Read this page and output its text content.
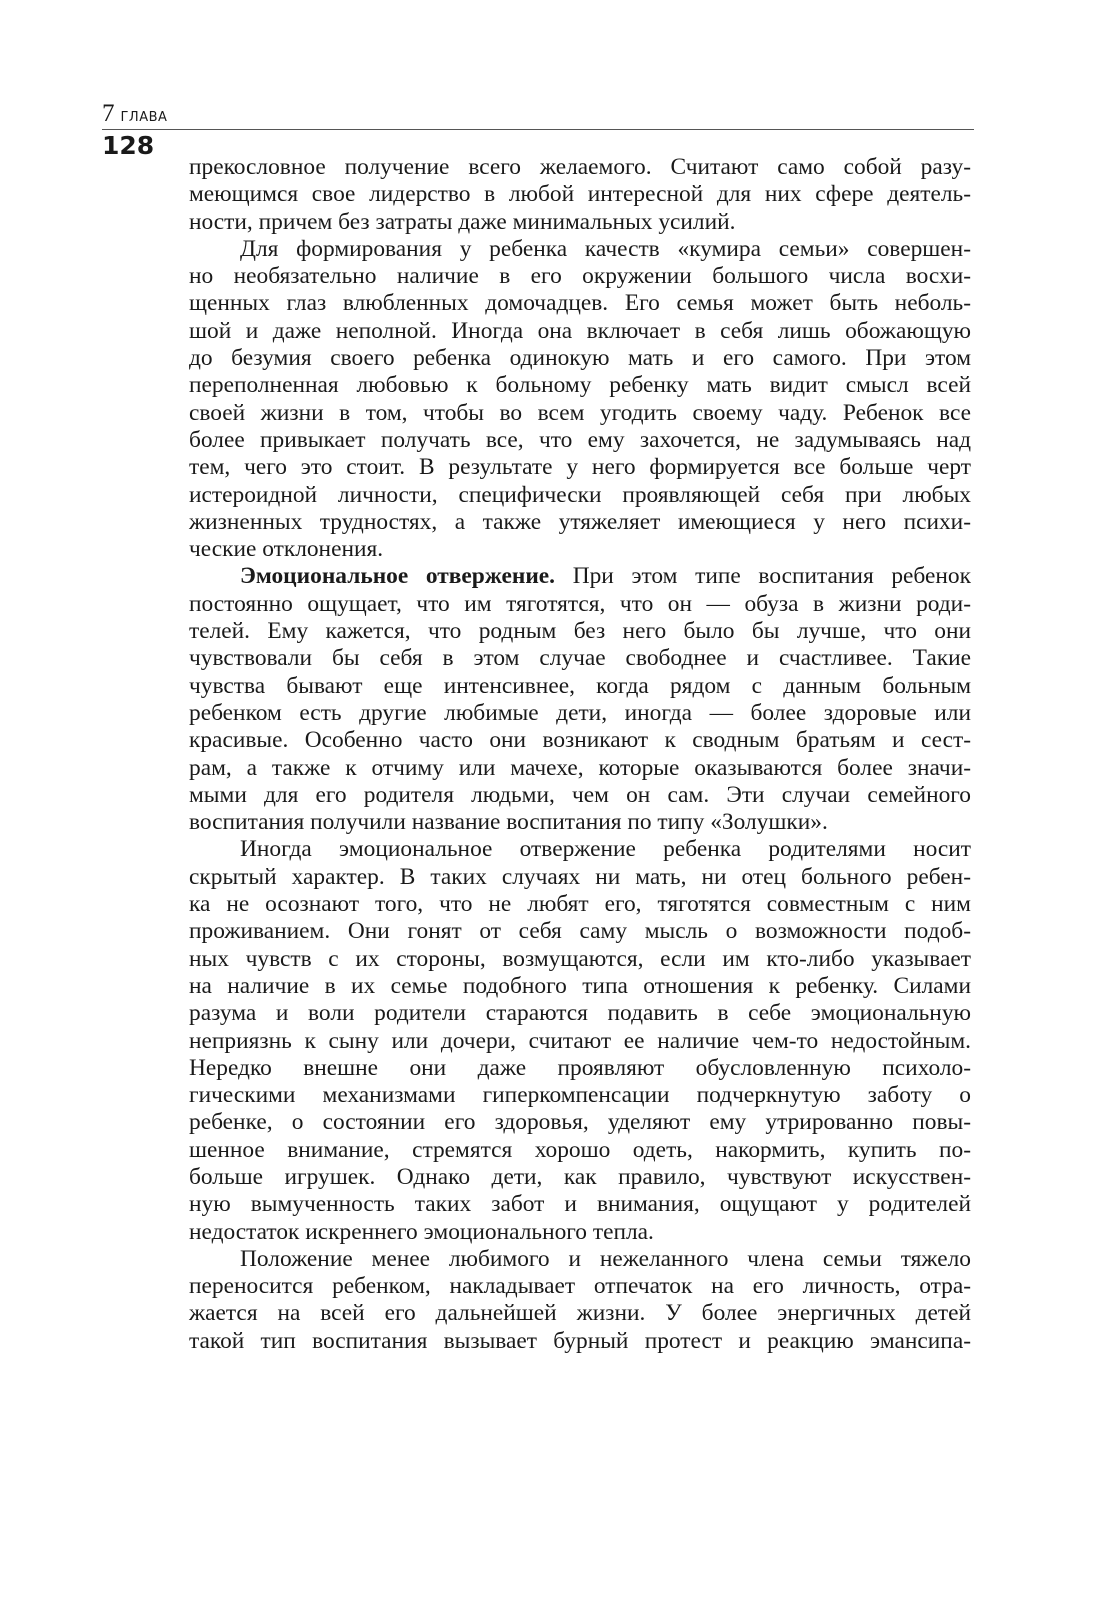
7 ГЛАВА
128

прекословное получение всего желаемого. Считают само собой разу-
меющимся свое лидерство в любой интересной для них сфере деятель-
ности, причем без затраты даже минимальных усилий.

Для формирования у ребенка качеств «кумира семьи» совершен-
но необязательно наличие в его окружении большого числа восхи-
щенных глаз влюбленных домочадцев. Его семья может быть неболь-
шой и даже неполной. Иногда она включает в себя лишь обожающую
до безумия своего ребенка одинокую мать и его самого. При этом
переполненная любовью к больному ребенку мать видит смысл всей
своей жизни в том, чтобы во всем угодить своему чаду. Ребенок все
более привыкает получать все, что ему захочется, не задумываясь над
тем, чего это стоит. В результате у него формируется все больше черт
истероидной личности, специфически проявляющей себя при любых
жизненных трудностях, а также утяжеляет имеющиеся у него психи-
ческие отклонения.

Эмоциональное отвержение. При этом типе воспитания ребенок
постоянно ощущает, что им тяготятся, что он — обуза в жизни роди-
телей. Ему кажется, что родным без него было бы лучше, что они
чувствовали бы себя в этом случае свободнее и счастливее. Такие
чувства бывают еще интенсивнее, когда рядом с данным больным
ребенком есть другие любимые дети, иногда — более здоровые или
красивые. Особенно часто они возникают к сводным братьям и сест-
рам, а также к отчиму или мачехе, которые оказываются более значи-
мыми для его родителя людьми, чем он сам. Эти случаи семейного
воспитания получили название воспитания по типу «Золушки».

Иногда эмоциональное отвержение ребенка родителями носит
скрытый характер. В таких случаях ни мать, ни отец больного ребен-
ка не осознают того, что не любят его, тяготятся совместным с ним
проживанием. Они гонят от себя саму мысль о возможности подоб-
ных чувств с их стороны, возмущаются, если им кто-либо указывает
на наличие в их семье подобного типа отношения к ребенку. Силами
разума и воли родители стараются подавить в себе эмоциональную
неприязнь к сыну или дочери, считают ее наличие чем-то недостойным.
Нередко внешне они даже проявляют обусловленную психоло-
гическими механизмами гиперкомпенсации подчеркнутую заботу о
ребенке, о состоянии его здоровья, уделяют ему утрированно повы-
шенное внимание, стремятся хорошо одеть, накормить, купить по-
больше игрушек. Однако дети, как правило, чувствуют искусствен-
ную вымученность таких забот и внимания, ощущают у родителей
недостаток искреннего эмоционального тепла.

Положение менее любимого и нежеланного члена семьи тяжело
переносится ребенком, накладывает отпечаток на его личность, отра-
жается на всей его дальнейшей жизни. У более энергичных детей
такой тип воспитания вызывает бурный протест и реакцию эмансипа-
